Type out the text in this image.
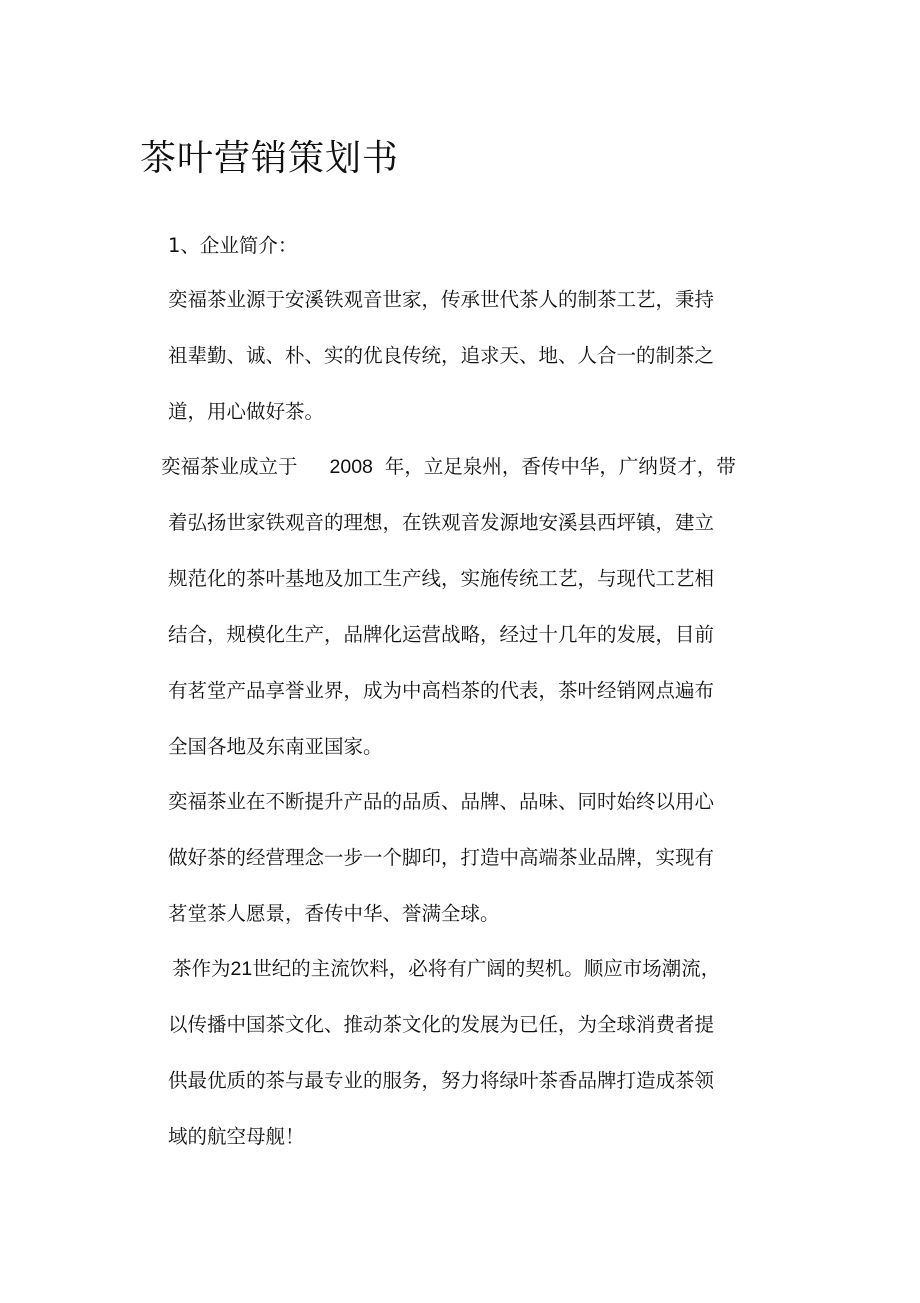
茶叶营销策划书

1、企业简介：

奕福茶业源于安溪铁观音世家，传承世代茶人的制茶工艺，秉持

祖辈勤、诚、朴、实的优良传统，追求天、地、人合一的制茶之

道，用心做好茶。

奕福茶业成立于 2008 年，立足泉州，香传中华，广纳贤才，带

着弘扬世家铁观音的理想，在铁观音发源地安溪县西坪镇，建立

规范化的茶叶基地及加工生产线，实施传统工艺，与现代工艺相

结合，规模化生产，品牌化运营战略，经过十几年的发展，目前

有茗堂产品享誉业界，成为中高档茶的代表，茶叶经销网点遍布

全国各地及东南亚国家。

奕福茶业在不断提升产品的品质、品牌、品味、同时始终以用心

做好茶的经营理念一步一个脚印，打造中高端茶业品牌，实现有

茗堂茶人愿景，香传中华、誉满全球。

茶作为21世纪的主流饮料，必将有广阔的契机。顺应市场潮流，

以传播中国茶文化、推动茶文化的发展为已任，为全球消费者提

供最优质的茶与最专业的服务，努力将绿叶茶香品牌打造成茶领

域的航空母舰！
